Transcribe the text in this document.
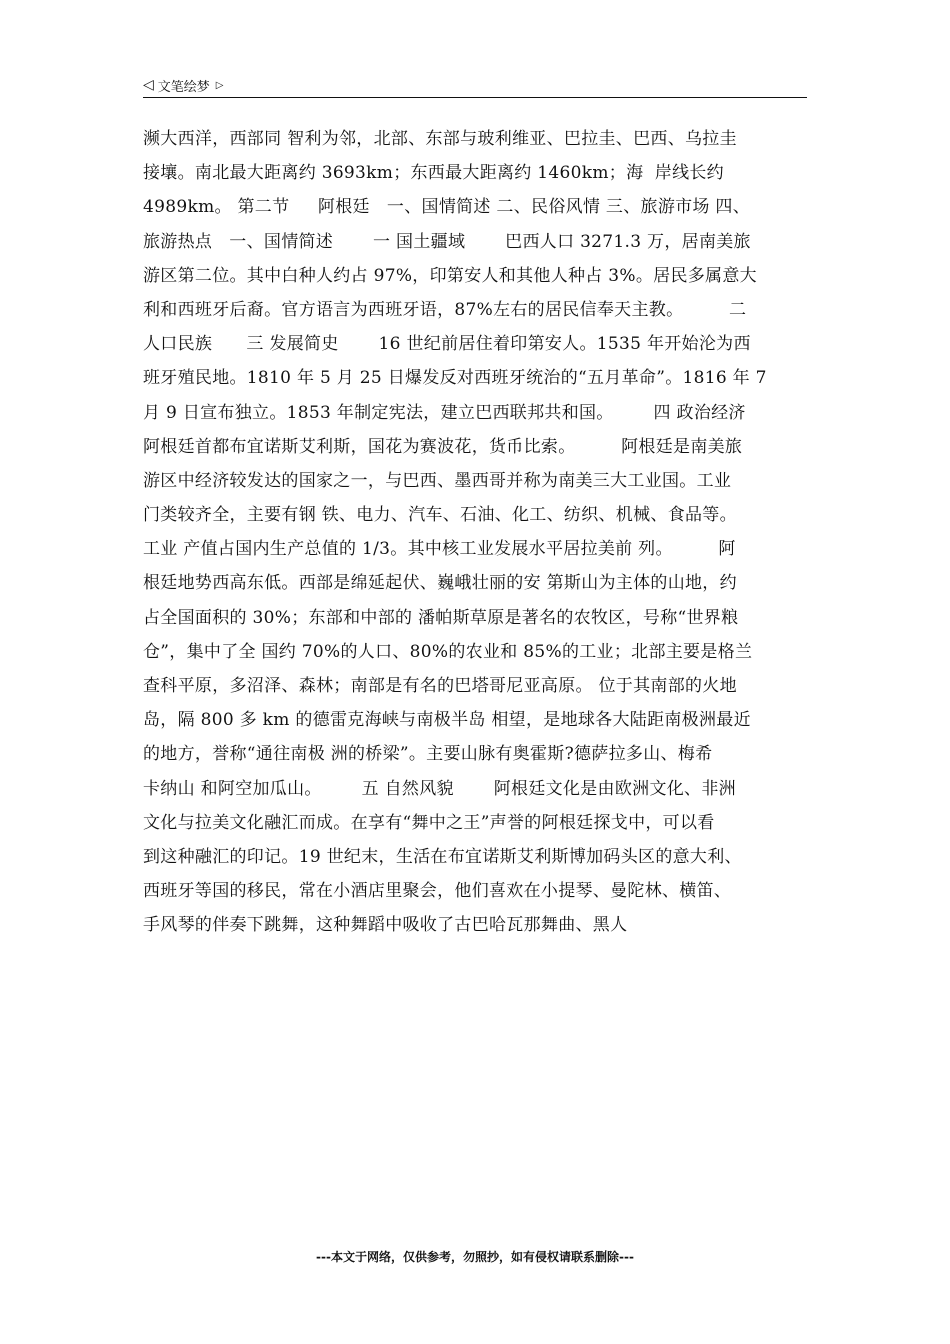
◁ 文笔绘梦 ▷
濒大西洋，西部同 智利为邻，北部、东部与玻利维亚、巴拉圭、巴西、乌拉圭
接壤。南北最大距离约 3693km；东西最大距离约 1460km；海  岸线长约
4989km。 第二节     阿根廷   一、国情简述 二、民俗风情 三、旅游市场 四、
旅游热点   一、国情简述       一 国土疆域       巴西人口 3271.3 万，居南美旅
游区第二位。其中白种人约占 97%，印第安人和其他人种占 3%。居民多属意大
利和西班牙后裔。官方语言为西班牙语，87%左右的居民信奉天主教。        二
人口民族      三 发展简史       16 世纪前居住着印第安人。1535 年开始沦为西
班牙殖民地。1810 年 5 月 25 日爆发反对西班牙统治的“五月革命”。1816 年 7
月 9 日宣布独立。1853 年制定宪法，建立巴西联邦共和国。       四 政治经济
阿根廷首都布宜诺斯艾利斯，国花为赛波花，货币比索。        阿根廷是南美旅
游区中经济较发达的国家之一，与巴西、墨西哥并称为南美三大工业国。工业
门类较齐全，主要有钢 铁、电力、汽车、石油、化工、纺织、机械、食品等。
工业 产值占国内生产总值的 1/3。其中核工业发展水平居拉美前 列。        阿
根廷地势西高东低。西部是绵延起伏、巍峨壮丽的安 第斯山为主体的山地，约
占全国面积的 30%；东部和中部的 潘帕斯草原是著名的农牧区，号称“世界粮
仓”，集中了全 国约 70%的人口、80%的农业和 85%的工业；北部主要是格兰
查科平原，多沼泽、森林；南部是有名的巴塔哥尼亚高原。 位于其南部的火地
岛，隔 800 多 km 的德雷克海峡与南极半岛 相望，是地球各大陆距南极洲最近
的地方，誉称“通往南极 洲的桥梁”。主要山脉有奥霍斯?德萨拉多山、梅希
卡纳山 和阿空加瓜山。       五 自然风貌       阿根廷文化是由欧洲文化、非洲
文化与拉美文化融汇而成。在享有“舞中之王”声誉的阿根廷探戈中，可以看
到这种融汇的印记。19 世纪末，生活在布宜诺斯艾利斯博加码头区的意大利、
西班牙等国的移民，常在小酒店里聚会，他们喜欢在小提琴、曼陀林、横笛、
手风琴的伴奏下跳舞，这种舞蹈中吸收了古巴哈瓦那舞曲、黑人
---本文于网络，仅供参考，勿照抄，如有侵权请联系删除---
